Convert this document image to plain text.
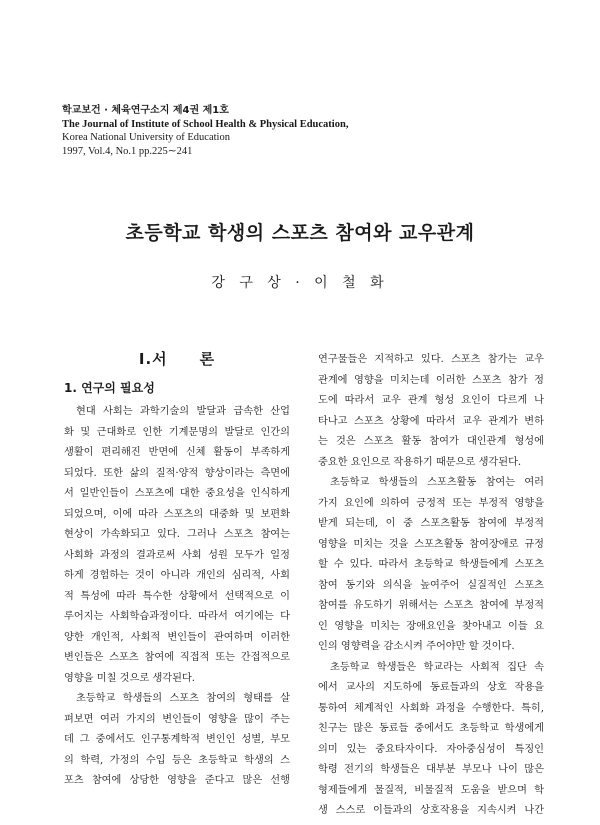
학교보건 · 체육연구소지 제4권 제1호
The Journal of Institute of School Health & Physical Education,
Korea National University of Education
1997, Vol.4, No.1 pp.225∼241
초등학교 학생의 스포츠 참여와 교우관계
강 구 상 · 이 철 화
I.서 론
1. 연구의 필요성
현대 사회는 과학기술의 발달과 급속한 산업
화 및 근대화로 인한 기계문명의 발달로 인간의
생활이 편리해진 반면에 신체 활동이 부족하게
되었다. 또한 삶의 질적·양적 향상이라는 측면에
서 일반인들이 스포츠에 대한 중요성을 인식하게
되었으며, 이에 따라 스포츠의 대중화 및 보편화
현상이 가속화되고 있다. 그러나 스포츠 참여는
사회화 과정의 결과로써 사회 성원 모두가 일정
하게 경험하는 것이 아니라 개인의 심리적, 사회
적 특성에 따라 특수한 상황에서 선택적으로 이
루어지는 사회학습과정이다. 따라서 여기에는 다
양한 개인적, 사회적 변인들이 관여하며 이러한
변인들은 스포츠 참여에 직접적 또는 간접적으로
영향을 미칠 것으로 생각된다.
초등학교 학생들의 스포츠 참여의 형태를 살
펴보면 여러 가지의 변인들이 영향을 많이 주는
데 그 중에서도 인구통계학적 변인인 성별, 부모
의 학력, 가정의 수입 등은 초등학교 학생의 스
포츠 참여에 상당한 영향을 준다고 많은 선행
연구물들은 지적하고 있다. 스포츠 참가는 교우
관계에 영향을 미치는데 이러한 스포츠 참가 정
도에 따라서 교우 관계 형성 요인이 다르게 나
타나고 스포츠 상황에 따라서 교우 관계가 변하
는 것은 스포츠 활동 참여가 대인관계 형성에
중요한 요인으로 작용하기 때문으로 생각된다.
초등학교 학생들의 스포츠활동 참여는 여러
가지 요인에 의하여 긍정적 또는 부정적 영향을
받게 되는데, 이 중 스포츠활동 참여에 부정적
영향을 미치는 것을 스포츠활동 참여장애로 규정
할 수 있다. 따라서 초등학교 학생들에게 스포츠
참여 동기와 의식을 높여주어 실질적인 스포츠
참여를 유도하기 위해서는 스포츠 참여에 부정적
인 영향을 미치는 장애요인을 찾아내고 이들 요
인의 영향력을 감소시켜 주어야만 할 것이다.
초등학교 학생들은 학교라는 사회적 집단 속
에서 교사의 지도하에 동료들과의 상호 작용을
통하여 체계적인 사회화 과정을 수행한다. 특히,
친구는 많은 동료들 중에서도 초등학교 학생에게
의미 있는 중요타자이다. 자아중심성이 특징인
학령 전기의 학생들은 대부분 부모나 나이 많은
형제들에게 물질적, 비물질적 도움을 받으며 학
생 스스로 이들과의 상호작용을 지속시켜 나간
